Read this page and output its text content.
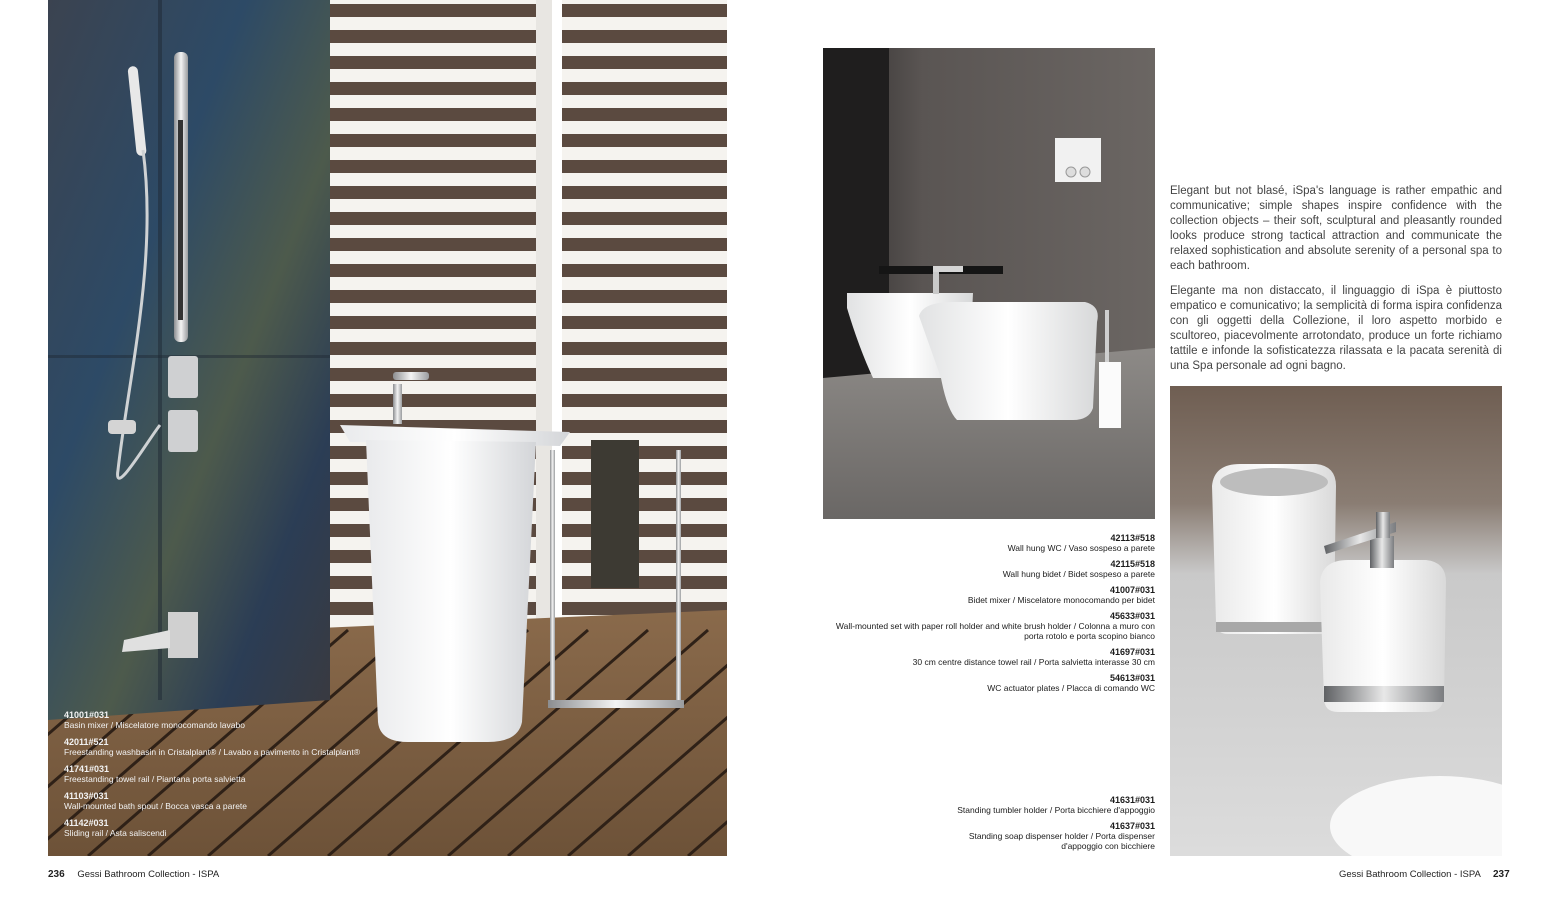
41001#031
Basin mixer / Miscelatore monocomando lavabo
42011#521
Freestanding washbasin in Cristalplant® / Lavabo a pavimento in Cristalplant®
41741#031
Freestanding towel rail / Piantana porta salvietta
41103#031
Wall-mounted bath spout / Bocca vasca a parete
41142#031
Sliding rail / Asta saliscendi
236 Gessi Bathroom Collection - ISPA
42113#518
Wall hung WC / Vaso sospeso a parete
42115#518
Wall hung bidet / Bidet sospeso a parete
41007#031
Bidet mixer / Miscelatore monocomando per bidet
45633#031
Wall-mounted set with paper roll holder and white brush holder / Colonna a muro con porta rotolo e porta scopino bianco
41697#031
30 cm centre distance towel rail / Porta salvietta interasse 30 cm
54613#031
WC actuator plates / Placca di comando WC
41631#031
Standing tumbler holder / Porta bicchiere d'appoggio
41637#031
Standing soap dispenser holder / Porta dispenser d'appoggio con bicchiere
Elegant but not blasé, iSpa's language is rather empathic and communicative; simple shapes inspire confidence with the collection objects – their soft, sculptural and pleasantly rounded looks produce strong tactical attraction and communicate the relaxed sophistication and absolute serenity of a personal spa to each bathroom.
Elegante ma non distaccato, il linguaggio di iSpa è piuttosto empatico e comunicativo; la semplicità di forma ispira confidenza con gli oggetti della Collezione, il loro aspetto morbido e scultoreo, piacevolmente arrotondato, produce un forte richiamo tattile e infonde la sofisticatezza rilassata e la pacata serenità di una Spa personale ad ogni bagno.
Gessi Bathroom Collection - ISPA 237
